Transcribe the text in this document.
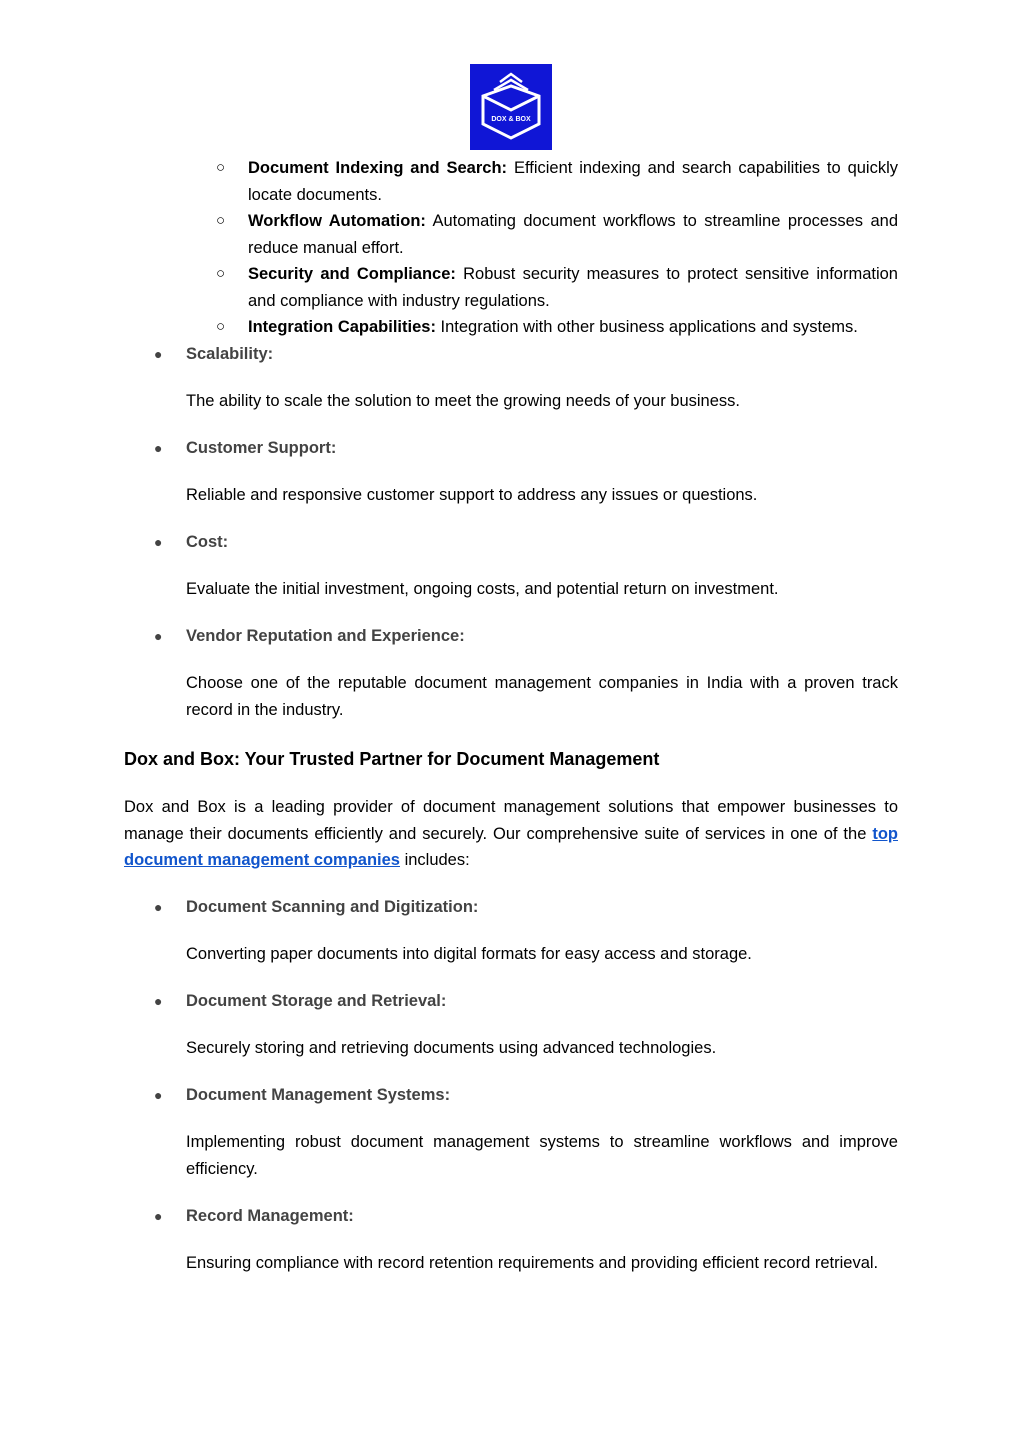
DOX & BOX
○ Document Indexing and Search: Efficient indexing and search capabilities to quickly locate documents.
○ Workflow Automation: Automating document workflows to streamline processes and reduce manual effort.
○ Security and Compliance: Robust security measures to protect sensitive information and compliance with industry regulations.
○ Integration Capabilities: Integration with other business applications and systems.
● Scalability:
The ability to scale the solution to meet the growing needs of your business.
● Customer Support:
Reliable and responsive customer support to address any issues or questions.
● Cost:
Evaluate the initial investment, ongoing costs, and potential return on investment.
● Vendor Reputation and Experience:
Choose one of the reputable document management companies in India with a proven track record in the industry.
Dox and Box: Your Trusted Partner for Document Management
Dox and Box is a leading provider of document management solutions that empower businesses to manage their documents efficiently and securely. Our comprehensive suite of services in one of the top document management companies includes:
● Document Scanning and Digitization:
Converting paper documents into digital formats for easy access and storage.
● Document Storage and Retrieval:
Securely storing and retrieving documents using advanced technologies.
● Document Management Systems:
Implementing robust document management systems to streamline workflows and improve efficiency.
● Record Management:
Ensuring compliance with record retention requirements and providing efficient record retrieval.
